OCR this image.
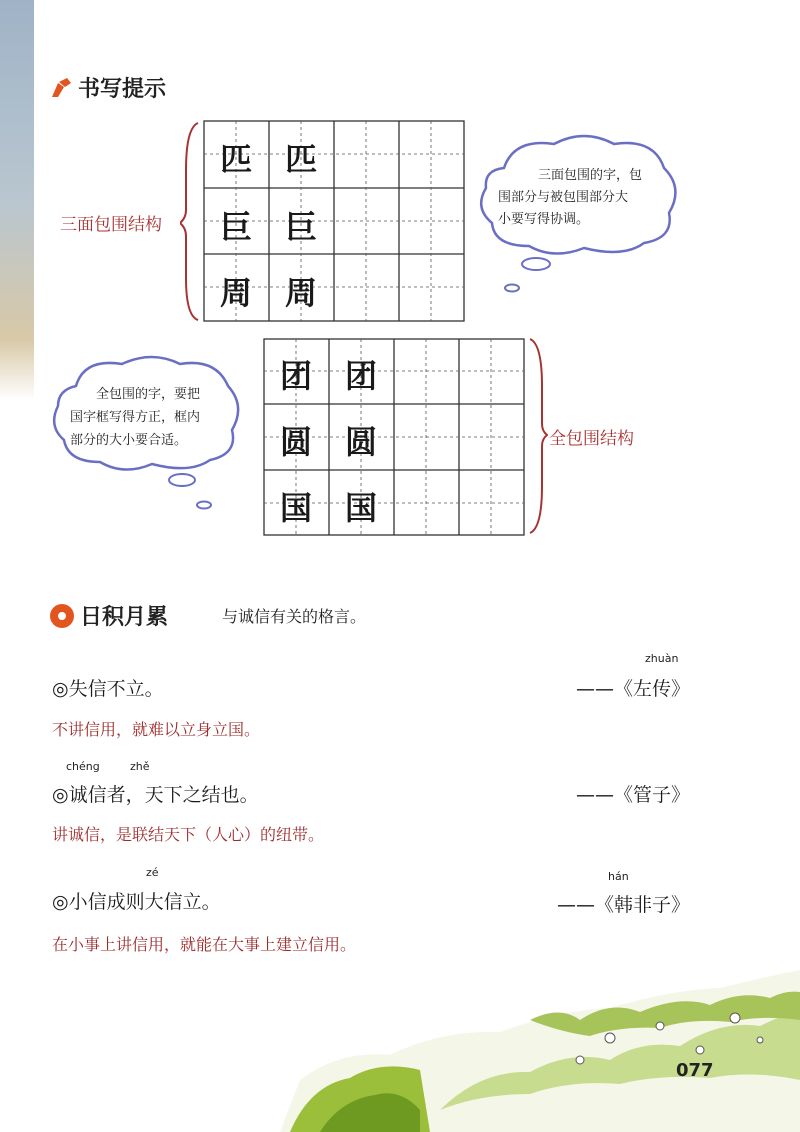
书写提示
匹	匹
巨	巨
周	周
三面包围结构
三面包围的字，包
围部分与被包围部分大
小要写得协调。
全包围的字，要把
国字框写得方正，框内
部分的大小要合适。
团	团
圆	圆
国	国
全包围结构
日积月累	与诚信有关的格言。
zhuàn
◎失信不立。	——《左传》
不讲信用，就难以立身立国。
chéng	zhě
◎诚信者，天下之结也。	——《管子》
讲诚信，是联结天下（人心）的纽带。
zé	hán
◎小信成则大信立。	——《韩非子》
在小事上讲信用，就能在大事上建立信用。
077
